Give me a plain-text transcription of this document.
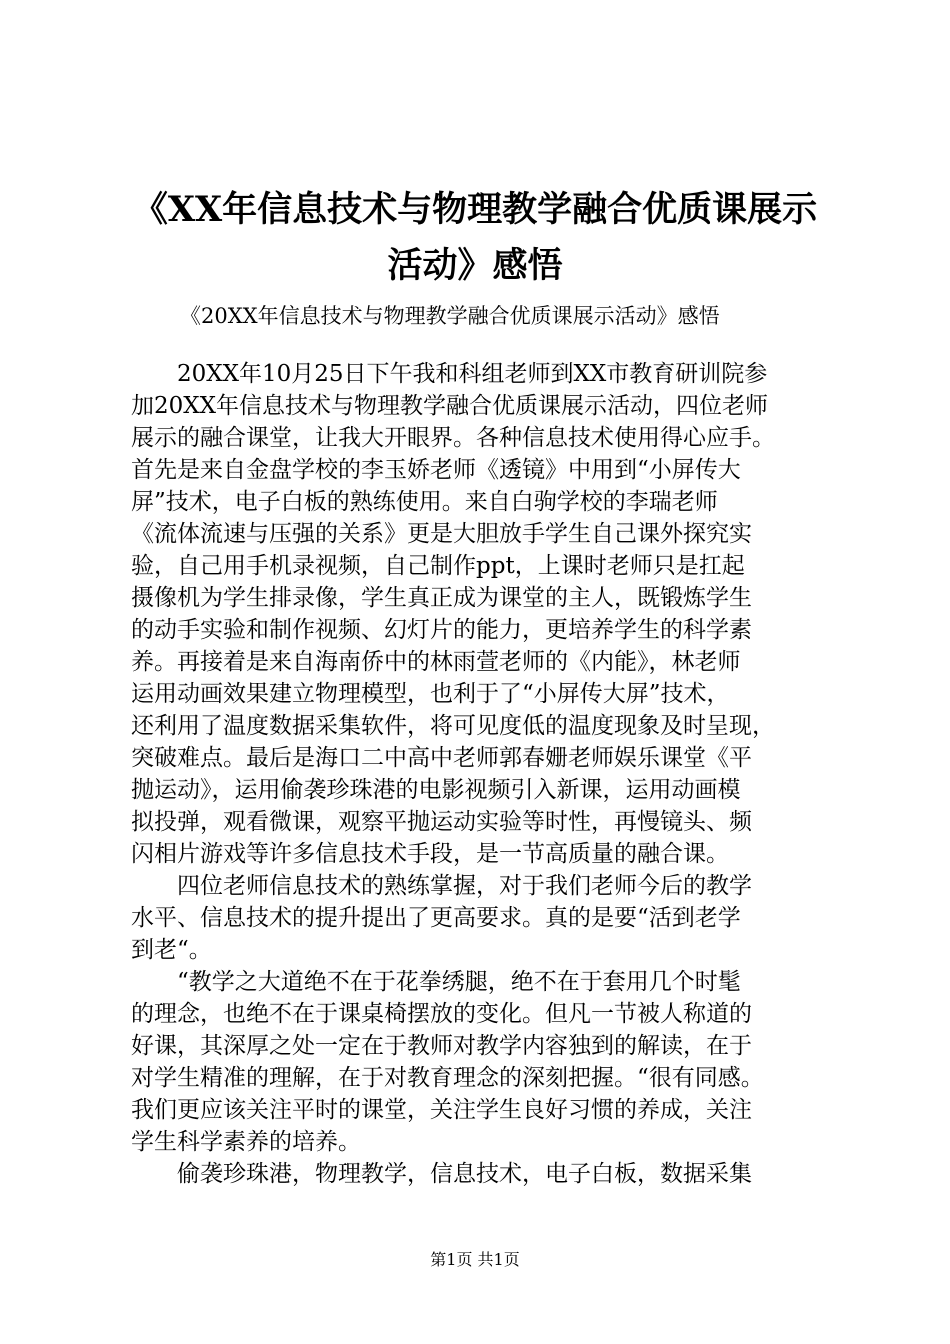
《XX年信息技术与物理教学融合优质课展示
活动》感悟
《20XX年信息技术与物理教学融合优质课展示活动》感悟
　　20XX年10月25日下午我和科组老师到XX市教育研训院参
加20XX年信息技术与物理教学融合优质课展示活动，四位老师
展示的融合课堂，让我大开眼界。各种信息技术使用得心应手。
首先是来自金盘学校的李玉娇老师《透镜》中用到“小屏传大
屏”技术，电子白板的熟练使用。来自白驹学校的李瑞老师
《流体流速与压强的关系》更是大胆放手学生自己课外探究实
验，自己用手机录视频，自己制作ppt，上课时老师只是扛起
摄像机为学生排录像，学生真正成为课堂的主人，既锻炼学生
的动手实验和制作视频、幻灯片的能力，更培养学生的科学素
养。再接着是来自海南侨中的林雨萱老师的《内能》，林老师
运用动画效果建立物理模型，也利于了“小屏传大屏”技术，
还利用了温度数据采集软件，将可见度低的温度现象及时呈现，
突破难点。最后是海口二中高中老师郭春姗老师娱乐课堂《平
抛运动》，运用偷袭珍珠港的电影视频引入新课，运用动画模
拟投弹，观看微课，观察平抛运动实验等时性，再慢镜头、频
闪相片游戏等许多信息技术手段，是一节高质量的融合课。
　　四位老师信息技术的熟练掌握，对于我们老师今后的教学
水平、信息技术的提升提出了更高要求。真的是要“活到老学
到老“。
　　“教学之大道绝不在于花拳绣腿，绝不在于套用几个时髦
的理念，也绝不在于课桌椅摆放的变化。但凡一节被人称道的
好课，其深厚之处一定在于教师对教学内容独到的解读，在于
对学生精准的理解，在于对教育理念的深刻把握。“很有同感。
我们更应该关注平时的课堂，关注学生良好习惯的养成，关注
学生科学素养的培养。
　　偷袭珍珠港，物理教学，信息技术，电子白板，数据采集
第1页 共1页
